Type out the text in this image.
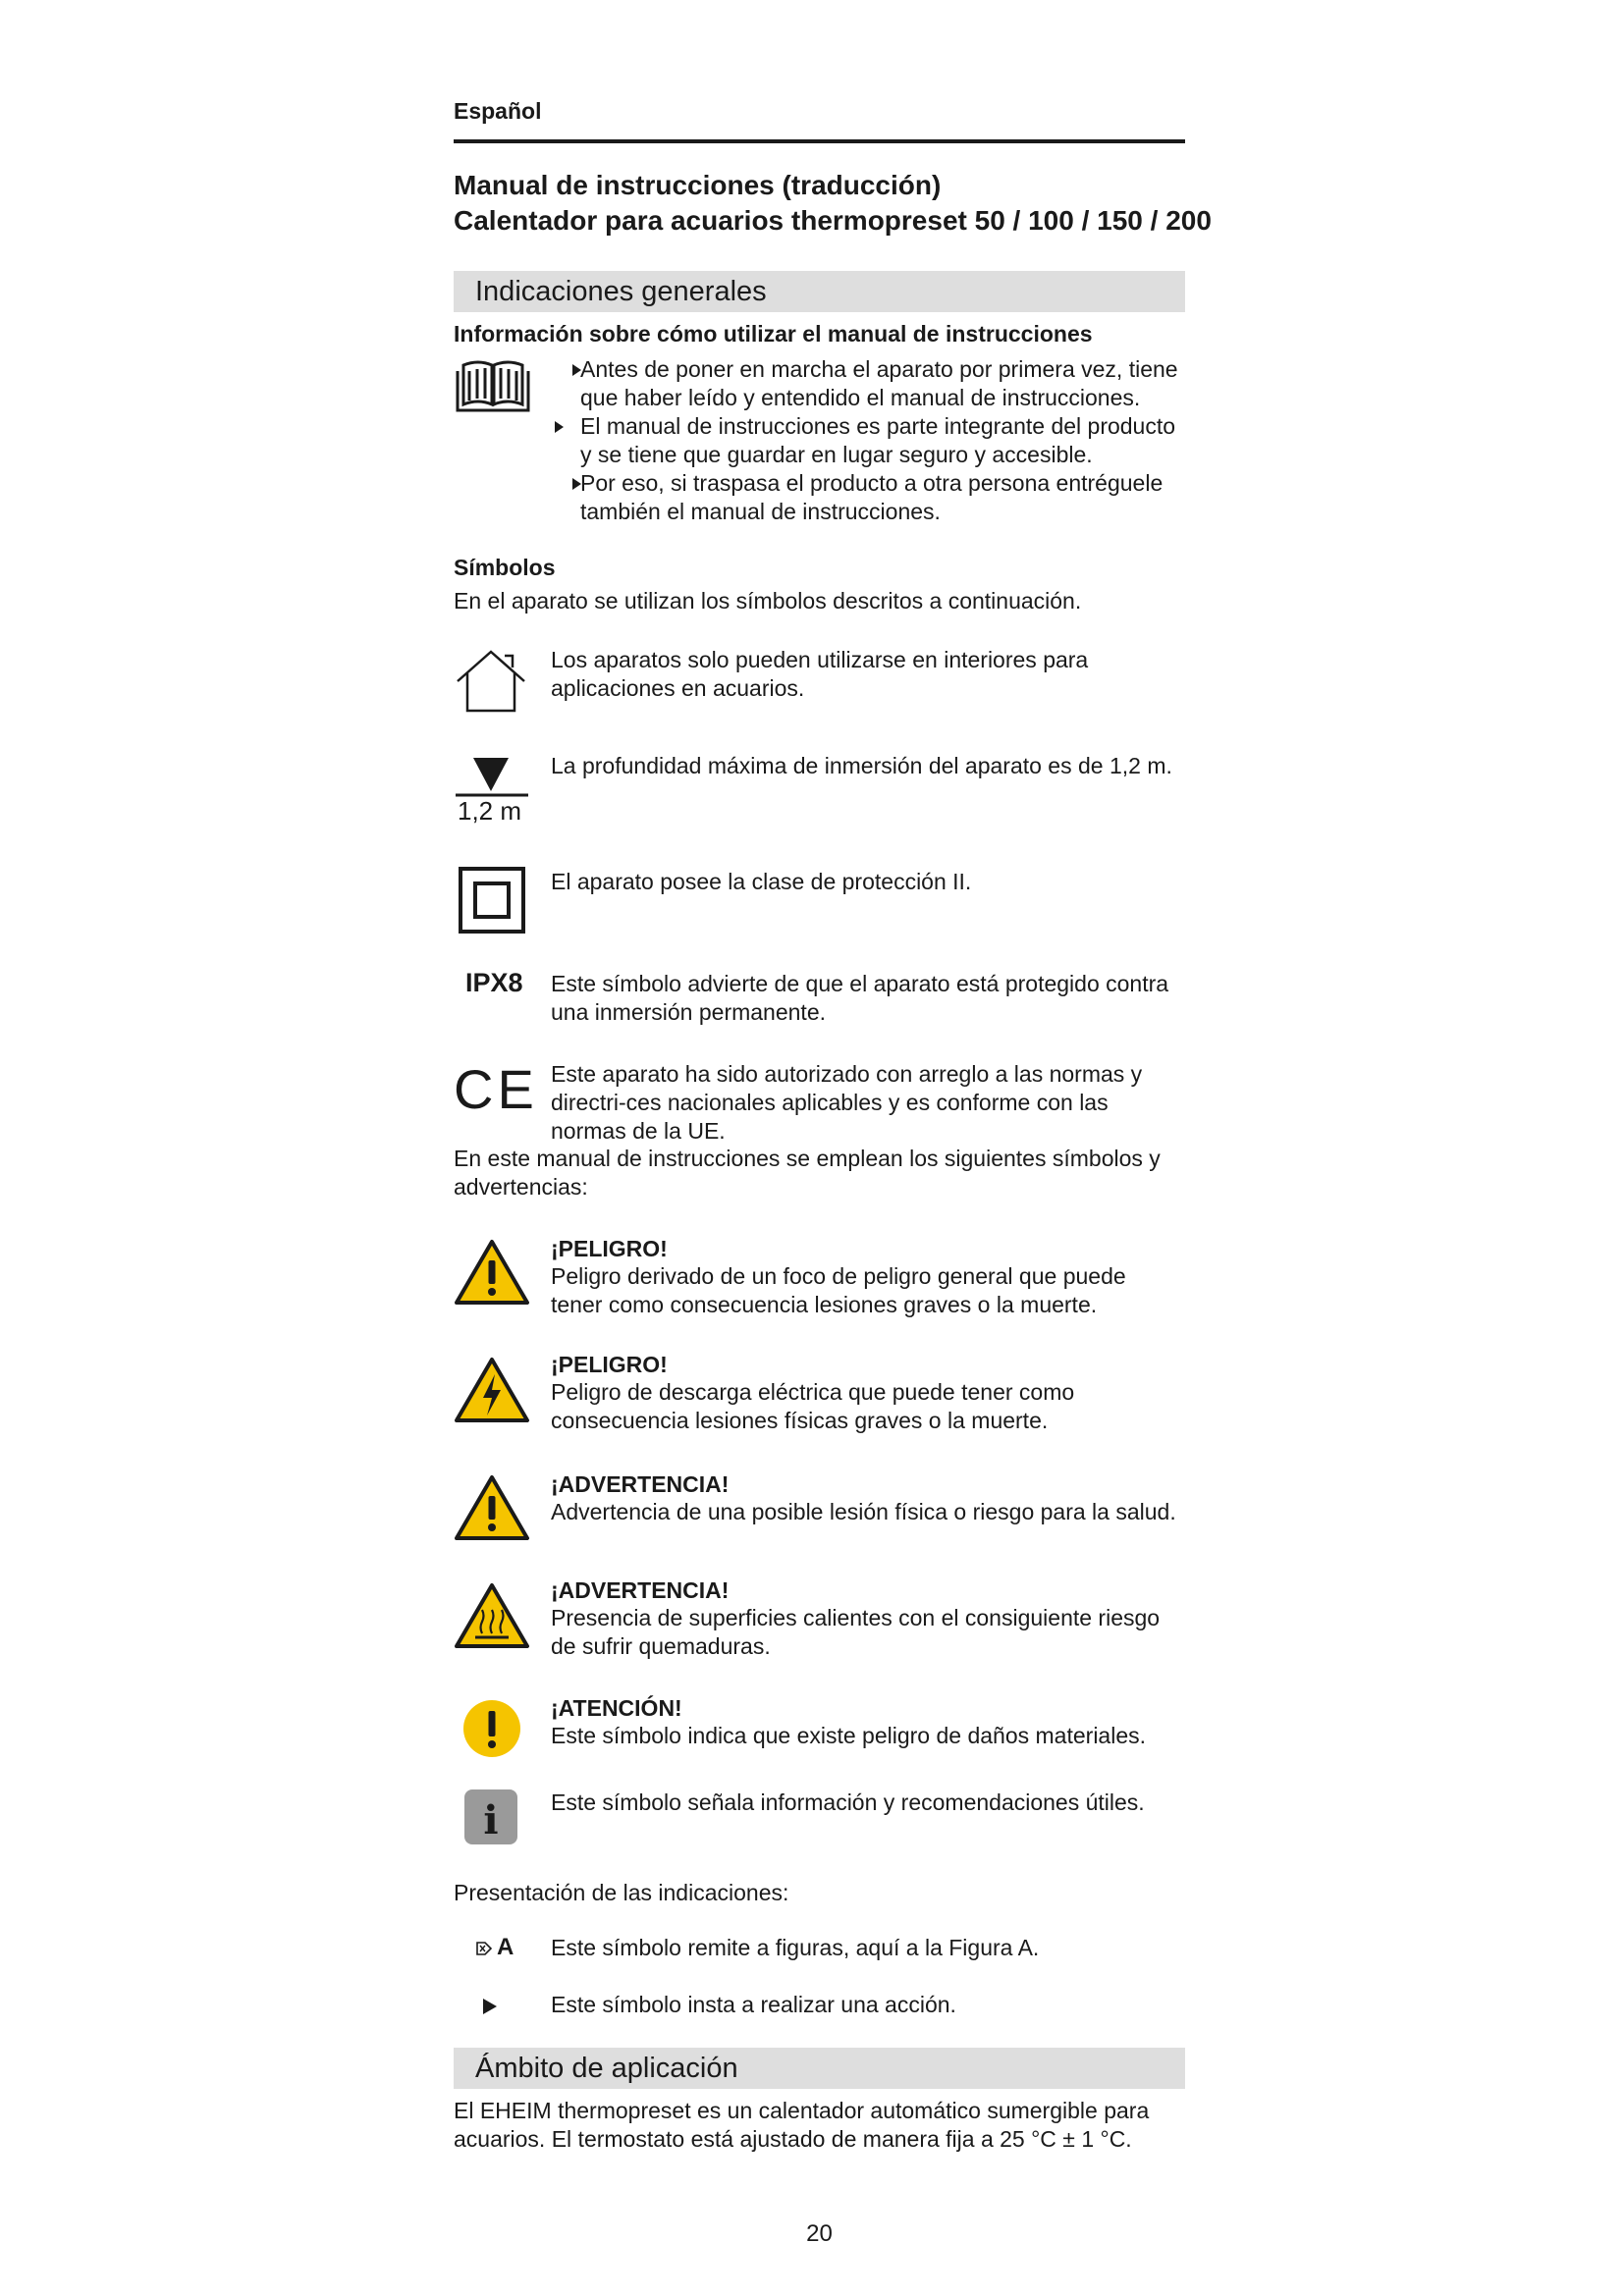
Español
Manual de instrucciones (traducción)
Calentador para acuarios thermopreset 50 / 100 / 150 / 200
Indicaciones generales
Información sobre cómo utilizar el manual de instrucciones
Antes de poner en marcha el aparato por primera vez, tiene que haber leído y entendido el manual de instrucciones.
El manual de instrucciones es parte integrante del producto y se tiene que guardar en lugar seguro y accesible.
Por eso, si traspasa el producto a otra persona entréguele también el manual de instrucciones.
Símbolos
En el aparato se utilizan los símbolos descritos a continuación.
Los aparatos solo pueden utilizarse en interiores para aplicaciones en acuarios.
1,2 m
La profundidad máxima de inmersión del aparato es de 1,2 m.
El aparato posee la clase de protección II.
IPX8 Este símbolo advierte de que el aparato está protegido contra una inmersión permanente.
CE Este aparato ha sido autorizado con arreglo a las normas y directri-ces nacionales aplicables y es conforme con las normas de la UE.
En este manual de instrucciones se emplean los siguientes símbolos y advertencias:
¡PELIGRO!
Peligro derivado de un foco de peligro general que puede tener como consecuencia lesiones graves o la muerte.
¡PELIGRO!
Peligro de descarga eléctrica que puede tener como consecuencia lesiones físicas graves o la muerte.
¡ADVERTENCIA!
Advertencia de una posible lesión física o riesgo para la salud.
¡ADVERTENCIA!
Presencia de superficies calientes con el consiguiente riesgo de sufrir quemaduras.
¡ATENCIÓN!
Este símbolo indica que existe peligro de daños materiales.
i Este símbolo señala información y recomendaciones útiles.
Presentación de las indicaciones:
A Este símbolo remite a figuras, aquí a la Figura A.
Este símbolo insta a realizar una acción.
Ámbito de aplicación
El EHEIM thermopreset es un calentador automático sumergible para acuarios. El termostato está ajustado de manera fija a 25 °C ± 1 °C.
20
